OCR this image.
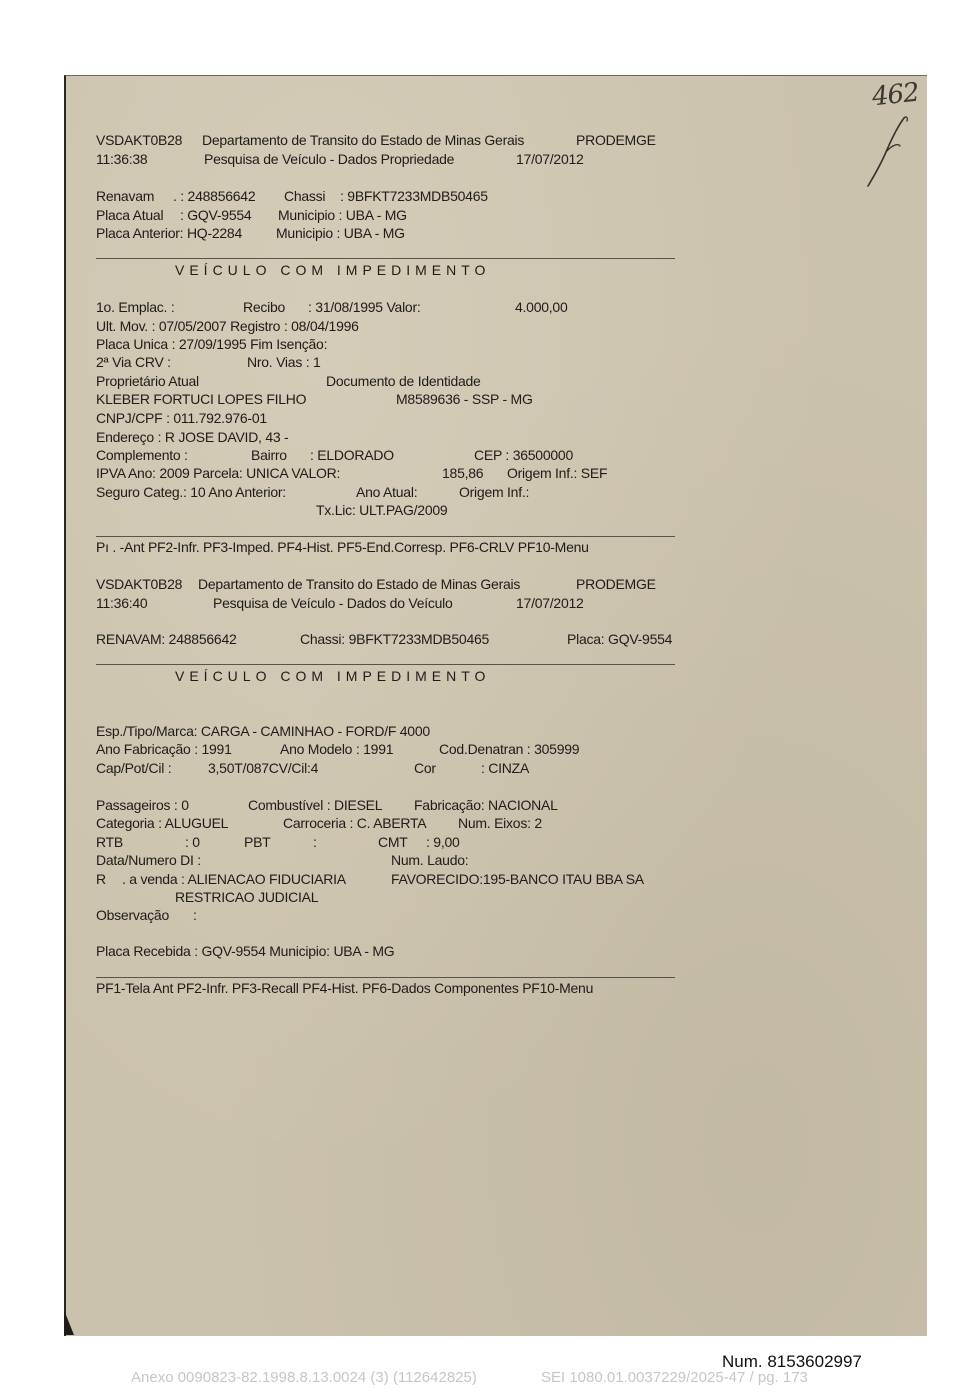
462
VSDAKT0B28 Departamento de Transito do Estado de Minas Gerais	PRODEMGE
11:36:38	Pesquisa de Veículo - Dados Propriedade	17/07/2012
Renavam . : 248856642 Chassi : 9BFKT7233MDB50465
Placa Atual : GQV-9554 Municipio : UBA - MG
Placa Anterior: HQ-2284 Municipio : UBA - MG
VEÍCULO COM IMPEDIMENTO
1o. Emplac. :	Recibo : 31/08/1995 Valor:	4.000,00
Ult. Mov. : 07/05/2007 Registro : 08/04/1996
Placa Unica : 27/09/1995 Fim Isenção:
2ª Via CRV :	Nro. Vias : 1
Proprietário Atual	Documento de Identidade
KLEBER FORTUCI LOPES FILHO	M8589636 - SSP - MG
CNPJ/CPF : 011.792.976-01
Endereço : R JOSE DAVID, 43 -
Complemento :	Bairro : ELDORADO	CEP : 36500000
IPVA Ano: 2009 Parcela: UNICA VALOR:	185,86 Origem Inf.: SEF
Seguro Categ.: 10 Ano Anterior:	Ano Atual:	Origem Inf.:
Tx.Lic: ULT.PAG/2009
Pı . -Ant PF2-Infr. PF3-Imped. PF4-Hist. PF5-End.Corresp. PF6-CRLV PF10-Menu
VSDAKT0B28 Departamento de Transito do Estado de Minas Gerais	PRODEMGE
11:36:40	Pesquisa de Veículo - Dados do Veículo	17/07/2012
RENAVAM: 248856642	Chassi: 9BFKT7233MDB50465	Placa: GQV-9554
VEÍCULO COM IMPEDIMENTO
Esp./Tipo/Marca: CARGA - CAMINHAO - FORD/F 4000
Ano Fabricação : 1991	Ano Modelo : 1991	Cod.Denatran : 305999
Cap/Pot/Cil :	3,50T/087CV/Cil:4	Cor	: CINZA
Passageiros : 0	Combustível : DIESEL Fabricação: NACIONAL
Categoria : ALUGUEL	Carroceria : C. ABERTA Num. Eixos: 2
RTB	: 0	PBT	:	CMT : 9,00
Data/Numero DI :	Num. Laudo:
R . a venda : ALIENACAO FIDUCIARIA	FAVORECIDO:195-BANCO ITAU BBA SA
RESTRICAO JUDICIAL
Observação :
Placa Recebida : GQV-9554 Municipio: UBA - MG
PF1-Tela Ant PF2-Infr. PF3-Recall PF4-Hist. PF6-Dados Componentes PF10-Menu
Num. 8153602997
Anexo 0090823-82.1998.8.13.0024 (3) (112642825)	SEI 1080.01.0037229/2025-47 / pg. 173
